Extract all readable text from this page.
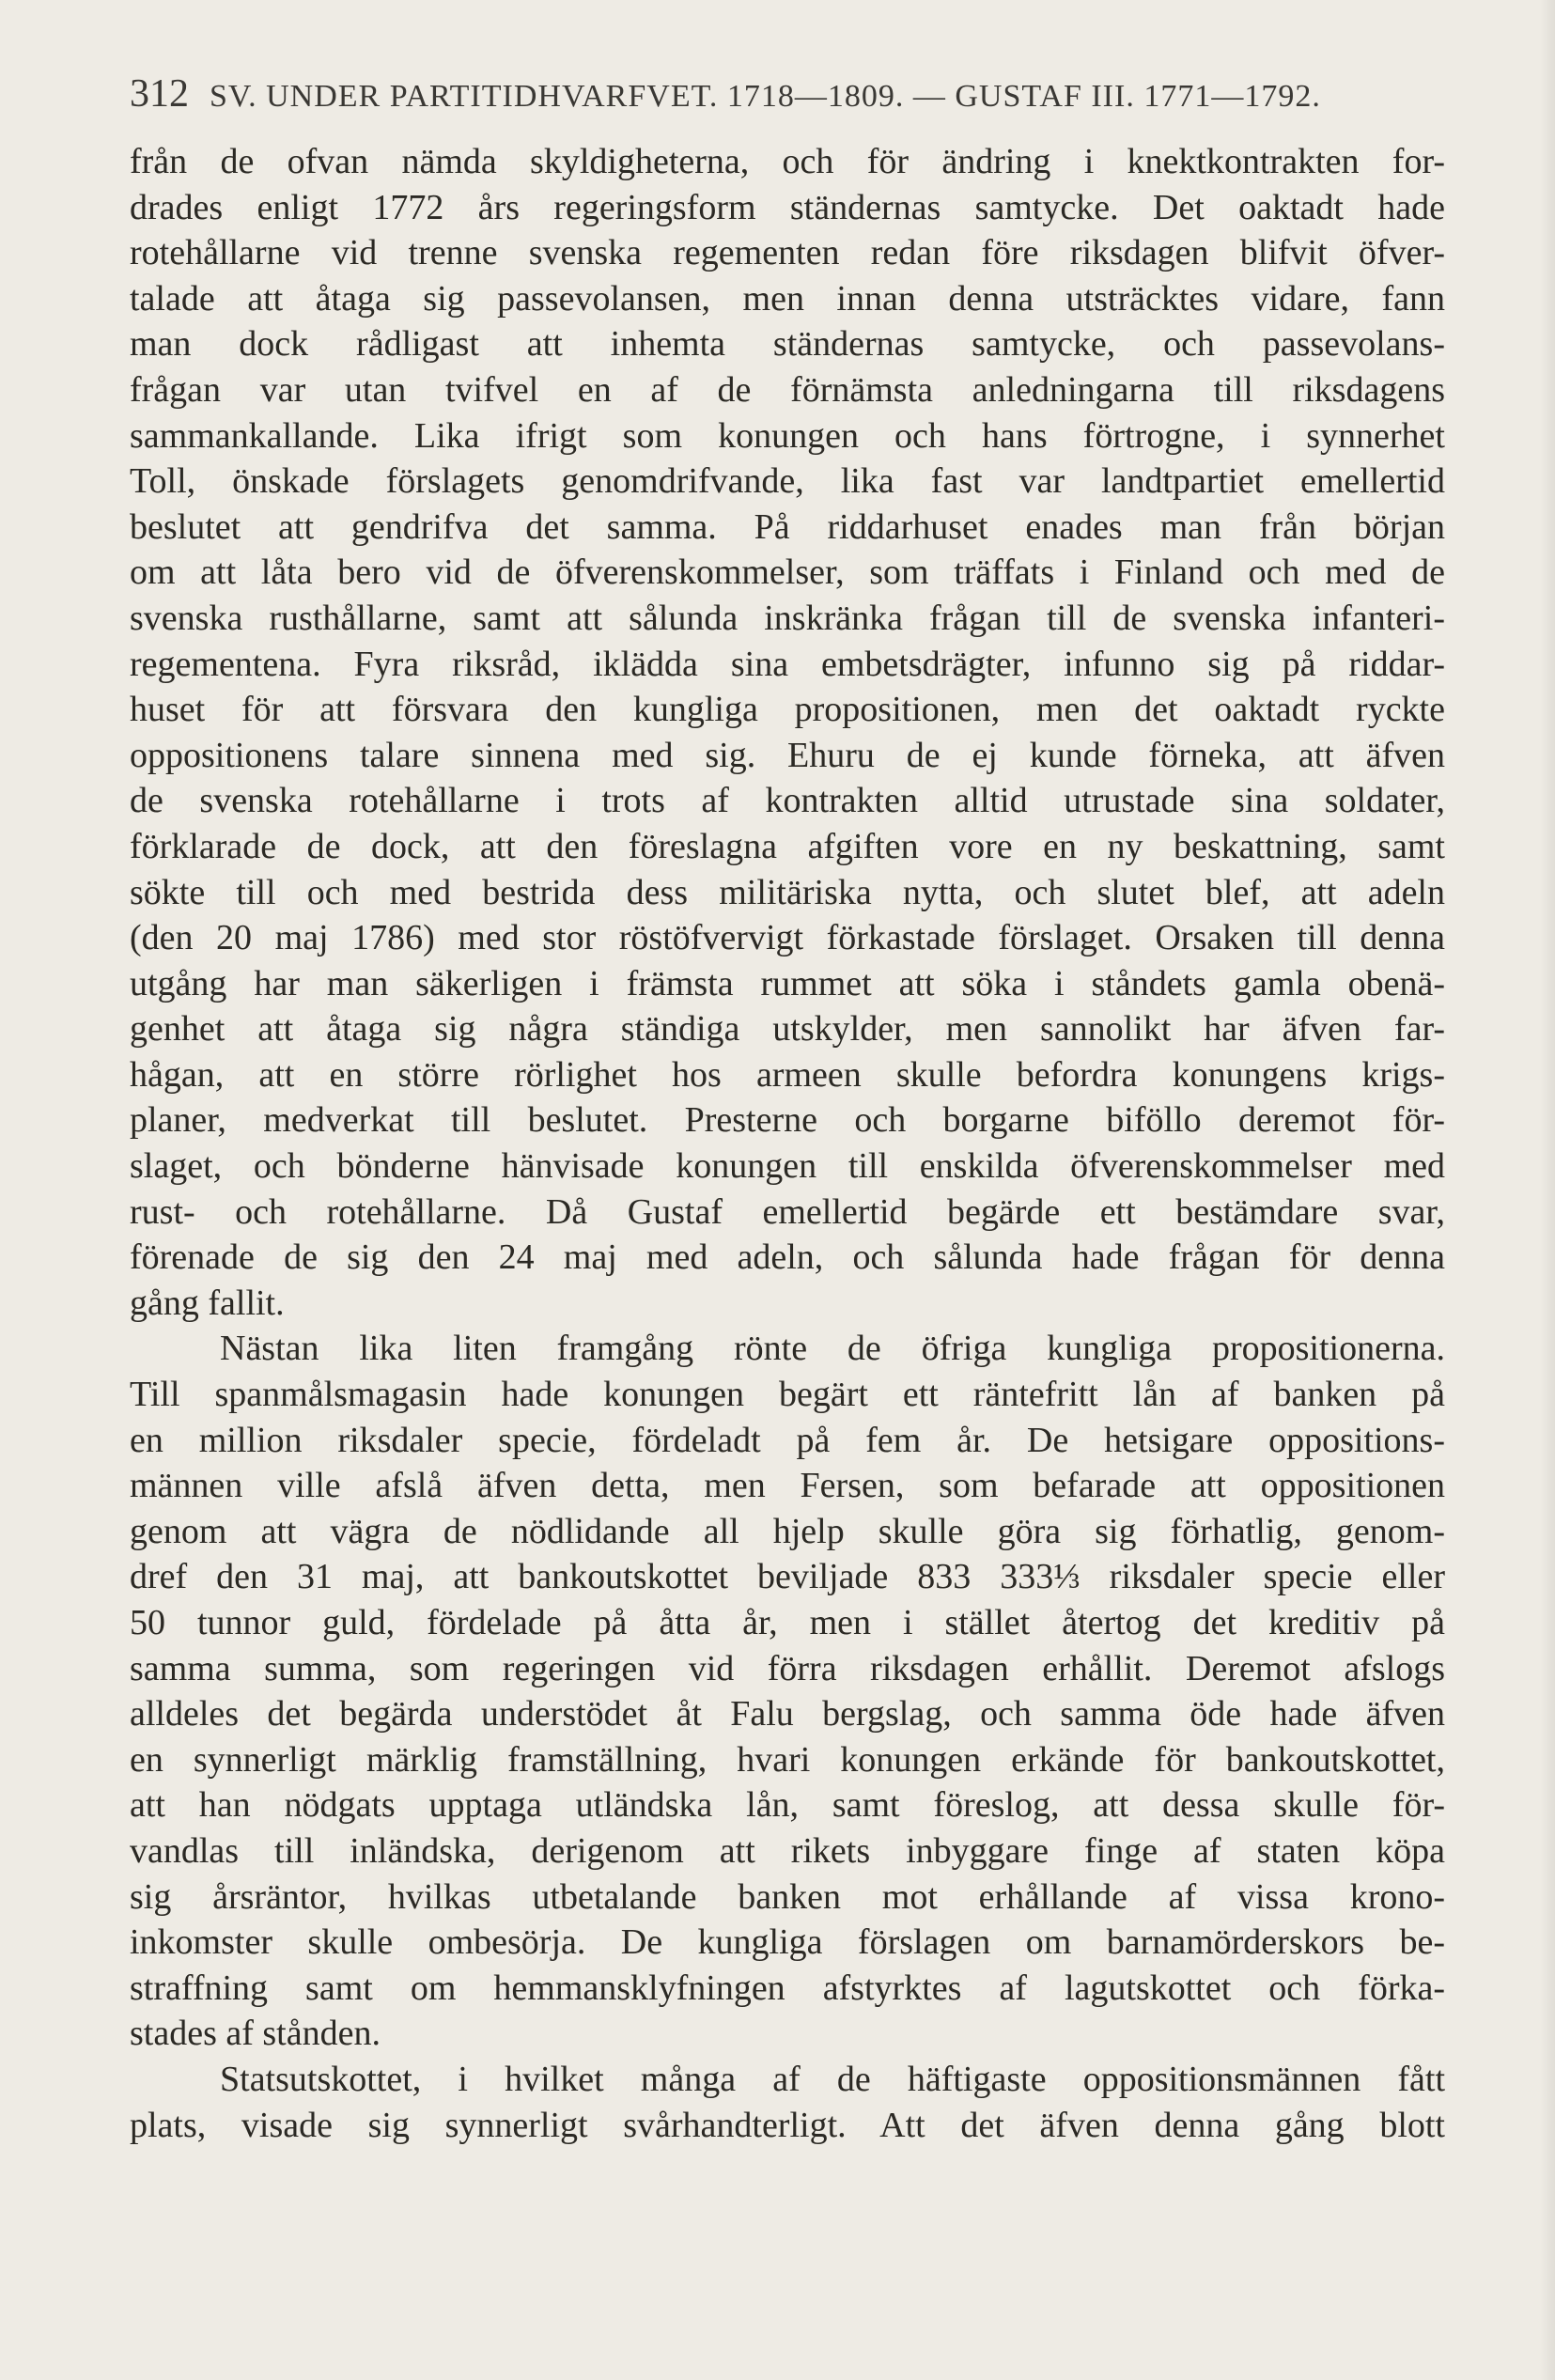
312 SV. UNDER PARTITIDHVARFVET. 1718—1809. — GUSTAF III. 1771—1792.
från de ofvan nämda skyldigheterna, och för ändring i knektkontrakten for-
drades enligt 1772 års regeringsform ständernas samtycke. Det oaktadt hade
rotehållarne vid trenne svenska regementen redan före riksdagen blifvit öfver-
talade att åtaga sig passevolansen, men innan denna utsträcktes vidare, fann
man dock rådligast att inhemta ständernas samtycke, och passevolans-
frågan var utan tvifvel en af de förnämsta anledningarna till riksdagens
sammankallande. Lika ifrigt som konungen och hans förtrogne, i synnerhet
Toll, önskade förslagets genomdrifvande, lika fast var landtpartiet emellertid
beslutet att gendrifva det samma. På riddarhuset enades man från början
om att låta bero vid de öfverenskommelser, som träffats i Finland och med de
svenska rusthållarne, samt att sålunda inskränka frågan till de svenska infanteri-
regementena. Fyra riksråd, iklädda sina embetsdrägter, infunno sig på riddar-
huset för att försvara den kungliga propositionen, men det oaktadt ryckte
oppositionens talare sinnena med sig. Ehuru de ej kunde förneka, att äfven
de svenska rotehållarne i trots af kontrakten alltid utrustade sina soldater,
förklarade de dock, att den föreslagna afgiften vore en ny beskattning, samt
sökte till och med bestrida dess militäriska nytta, och slutet blef, att adeln
(den 20 maj 1786) med stor röstöfvervigt förkastade förslaget. Orsaken till denna
utgång har man säkerligen i främsta rummet att söka i ståndets gamla obenä-
genhet att åtaga sig några ständiga utskylder, men sannolikt har äfven far-
hågan, att en större rörlighet hos armeen skulle befordra konungens krigs-
planer, medverkat till beslutet. Presterne och borgarne biföllo deremot för-
slaget, och bönderne hänvisade konungen till enskilda öfverenskommelser med
rust- och rotehållarne. Då Gustaf emellertid begärde ett bestämdare svar,
förenade de sig den 24 maj med adeln, och sålunda hade frågan för denna
gång fallit.
Nästan lika liten framgång rönte de öfriga kungliga propositionerna.
Till spanmålsmagasin hade konungen begärt ett räntefritt lån af banken på
en million riksdaler specie, fördeladt på fem år. De hetsigare oppositions-
männen ville afslå äfven detta, men Fersen, som befarade att oppositionen
genom att vägra de nödlidande all hjelp skulle göra sig förhatlig, genom-
dref den 31 maj, att bankoutskottet beviljade 833 333⅓ riksdaler specie eller
50 tunnor guld, fördelade på åtta år, men i stället återtog det kreditiv på
samma summa, som regeringen vid förra riksdagen erhållit. Deremot afslogs
alldeles det begärda understödet åt Falu bergslag, och samma öde hade äfven
en synnerligt märklig framställning, hvari konungen erkände för bankoutskottet,
att han nödgats upptaga utländska lån, samt föreslog, att dessa skulle för-
vandlas till inländska, derigenom att rikets inbyggare finge af staten köpa
sig årsräntor, hvilkas utbetalande banken mot erhållande af vissa krono-
inkomster skulle ombesörja. De kungliga förslagen om barnamörderskors be-
straffning samt om hemmansklyfningen afstyrktes af lagutskottet och förka-
stades af stånden.
Statsutskottet, i hvilket många af de häftigaste oppositionsmännen fått
plats, visade sig synnerligt svårhandterligt. Att det äfven denna gång blott
